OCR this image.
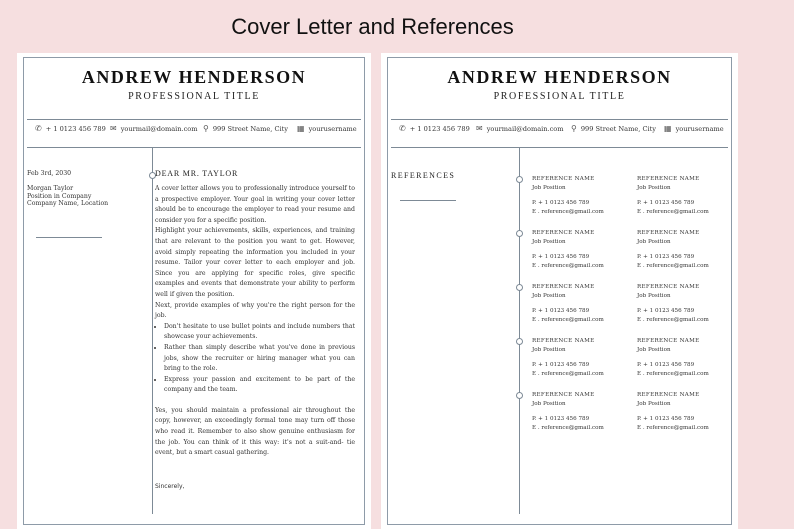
Cover Letter and References
ANDREW HENDERSON
PROFESSIONAL TITLE
✆ + 1 0123 456 789 ✉ yourmail@domain.com ⚲ 999 Street Name, City ▦ yourusername
Feb 3rd, 2030
Morgan Taylor
Position in Company
Company Name, Location
DEAR MR. TAYLOR

A cover letter allows you to professionally introduce yourself to a prospective employer. Your goal in writing your cover letter should be to encourage the employer to read your resume and consider you for a specific position.

Highlight your achievements, skills, experiences, and training that are relevant to the position you want to get. However, avoid simply repeating the information you included in your resume. Tailor your cover letter to each employer and job. Since you are applying for specific roles, give specific examples and events that demonstrate your ability to perform well if given the position.

Next, provide examples of why you're the right person for the job.

• Don't hesitate to use bullet points and include numbers that showcase your achievements.
• Rather than simply describe what you've done in previous jobs, show the recruiter or hiring manager what you can bring to the role.
• Express your passion and excitement to be part of the company and the team.

Yes, you should maintain a professional air throughout the copy, however, an exceedingly formal tone may turn off those who read it. Remember to also show genuine enthusiasm for the job. You can think of it this way: it's not a suit-and- tie event, but a smart casual gathering.

Sincerely,
ANDREW HENDERSON
PROFESSIONAL TITLE
✆ + 1 0123 456 789 ✉ yourmail@domain.com ⚲ 999 Street Name, City ▦ yourusername
REFERENCES	REFERENCE NAME
Job Position
P. + 1 0123 456 789
E . reference@gmail.com
REFERENCE NAME
Job Position
P. + 1 0123 456 789
E . reference@gmail.com
REFERENCE NAME
Job Position
P. + 1 0123 456 789
E . reference@gmail.com
REFERENCE NAME
Job Position
P. + 1 0123 456 789
E . reference@gmail.com
REFERENCE NAME
Job Position
P. + 1 0123 456 789
E . reference@gmail.com
REFERENCE NAME
Job Position
P. + 1 0123 456 789
E . reference@gmail.com
REFERENCE NAME
Job Position
P. + 1 0123 456 789
E . reference@gmail.com
REFERENCE NAME
Job Position
P. + 1 0123 456 789
E . reference@gmail.com
REFERENCE NAME
Job Position
P. + 1 0123 456 789
E . reference@gmail.com
REFERENCE NAME
Job Position
P. + 1 0123 456 789
E . reference@gmail.com
